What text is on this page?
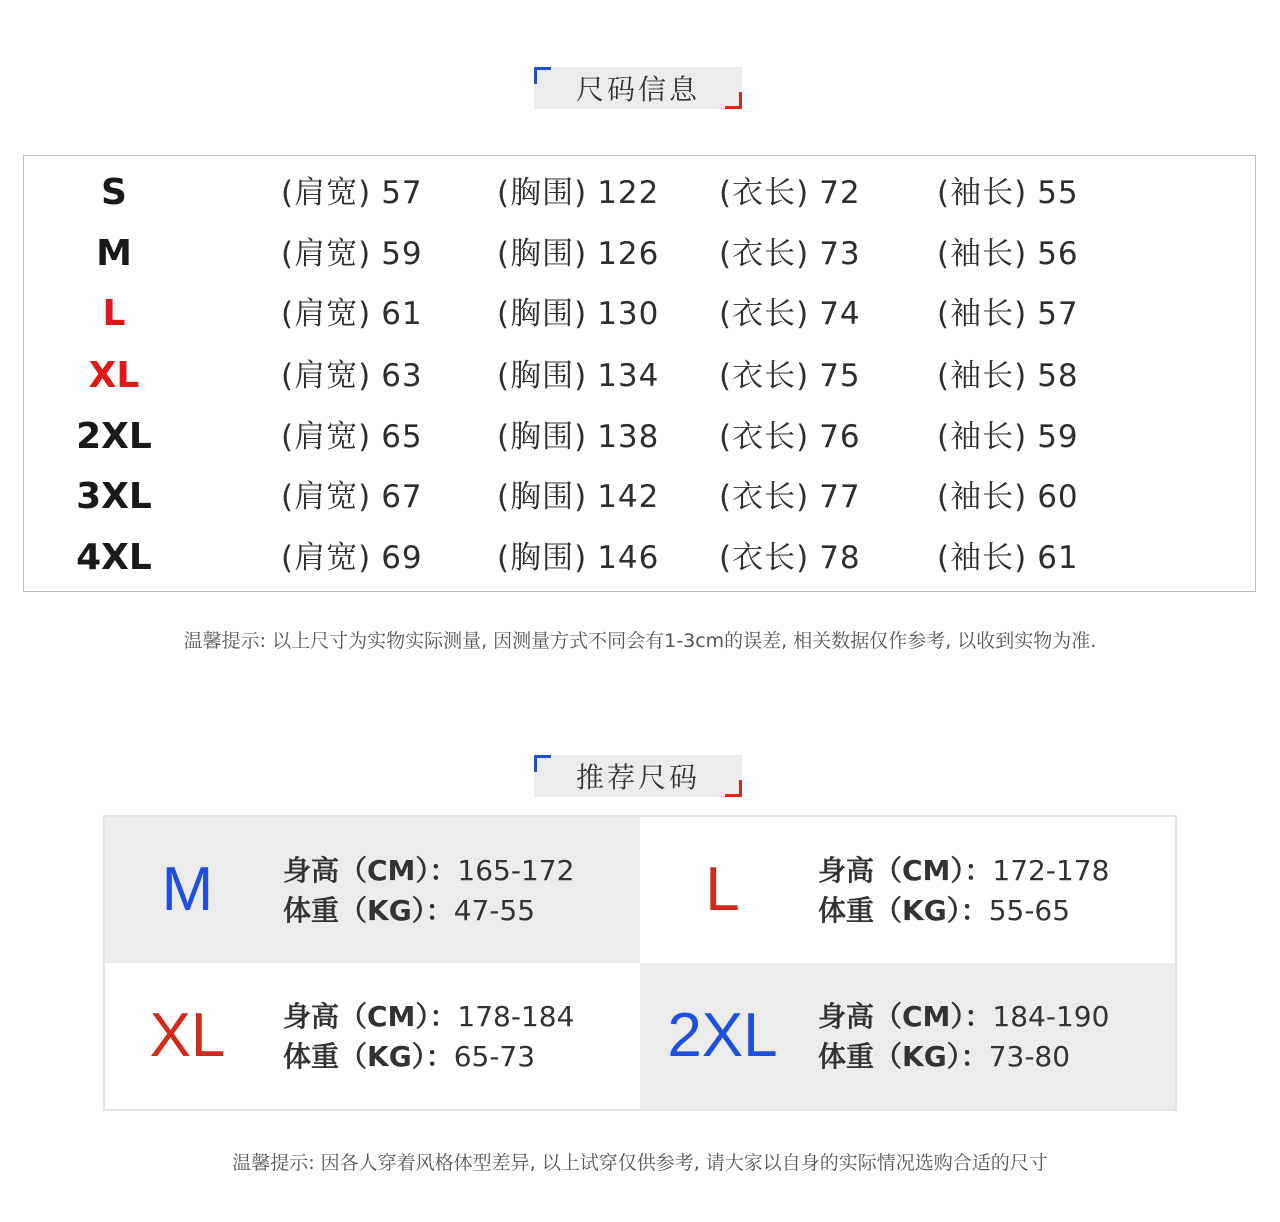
尺码信息
S	(肩宽) 57 (胸围) 122 (衣长) 72 (袖长) 55
M	(肩宽) 59 (胸围) 126 (衣长) 73 (袖长) 56
L	(肩宽) 61 (胸围) 130 (衣长) 74 (袖长) 57
XL	(肩宽) 63 (胸围) 134 (衣长) 75 (袖长) 58
2XL	(肩宽) 65 (胸围) 138 (衣长) 76 (袖长) 59
3XL	(肩宽) 67 (胸围) 142 (衣长) 77 (袖长) 60
4XL	(肩宽) 69 (胸围) 146 (衣长) 78 (袖长) 61
温馨提示: 以上尺寸为实物实际测量, 因测量方式不同会有1-3cm的误差, 相关数据仅作参考, 以收到实物为准.
推荐尺码
M	身高（CM）：165-172
体重（KG）：47-55	L	身高（CM）：172-178
体重（KG）：55-65
XL	身高（CM）：178-184
体重（KG）：65-73	2XL	身高（CM）：184-190
体重（KG）：73-80
温馨提示: 因各人穿着风格体型差异, 以上试穿仅供参考, 请大家以自身的实际情况选购合适的尺寸
